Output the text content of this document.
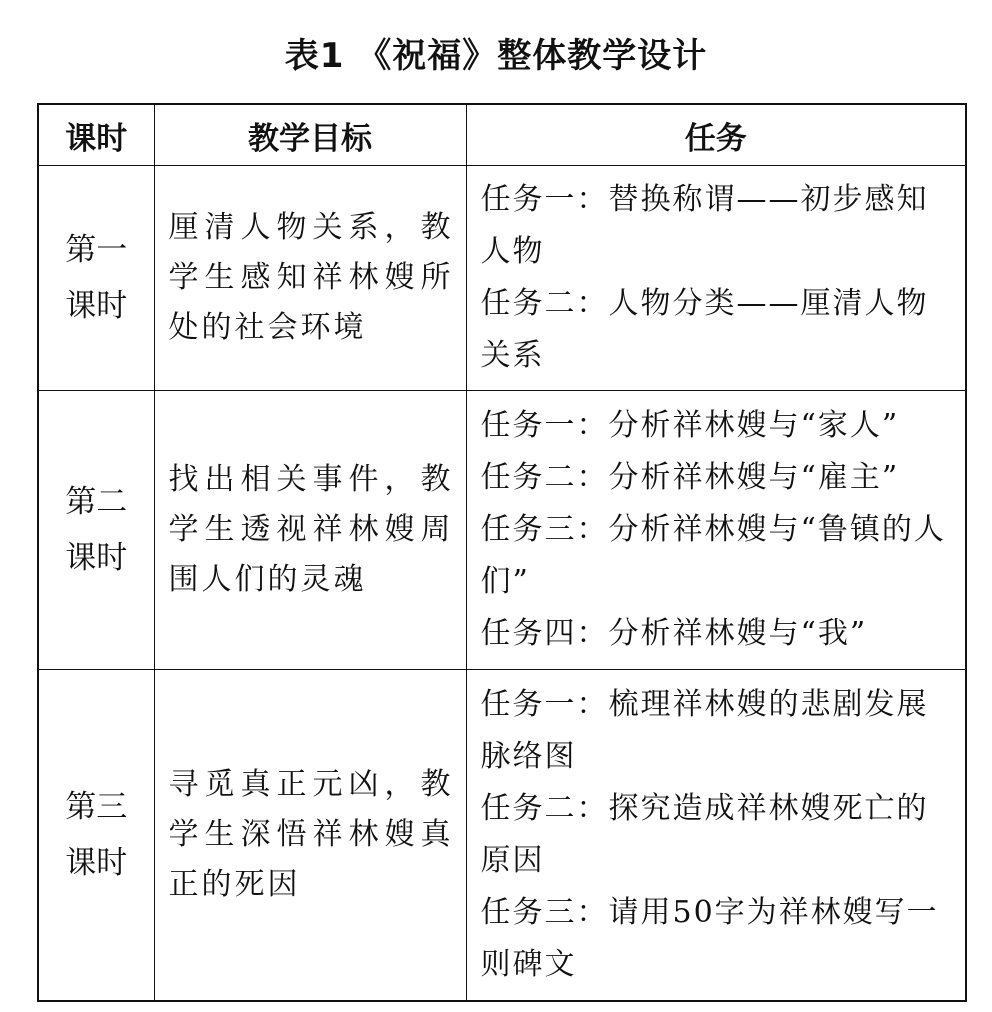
表1 《祝福》整体教学设计
课时	教学目标	任务

第一课时	厘清人物关系，教学生感知祥林嫂所处的社会环境	任务一：替换称谓——初步感知人物
任务二：人物分类——厘清人物关系

第二课时	找出相关事件，教学生透视祥林嫂周围人们的灵魂	任务一：分析祥林嫂与“家人”
任务二：分析祥林嫂与“雇主”
任务三：分析祥林嫂与“鲁镇的人们”
任务四：分析祥林嫂与“我”

第三课时	寻觅真正元凶，教学生深悟祥林嫂真正的死因	任务一：梳理祥林嫂的悲剧发展脉络图
任务二：探究造成祥林嫂死亡的原因
任务三：请用50字为祥林嫂写一则碑文
